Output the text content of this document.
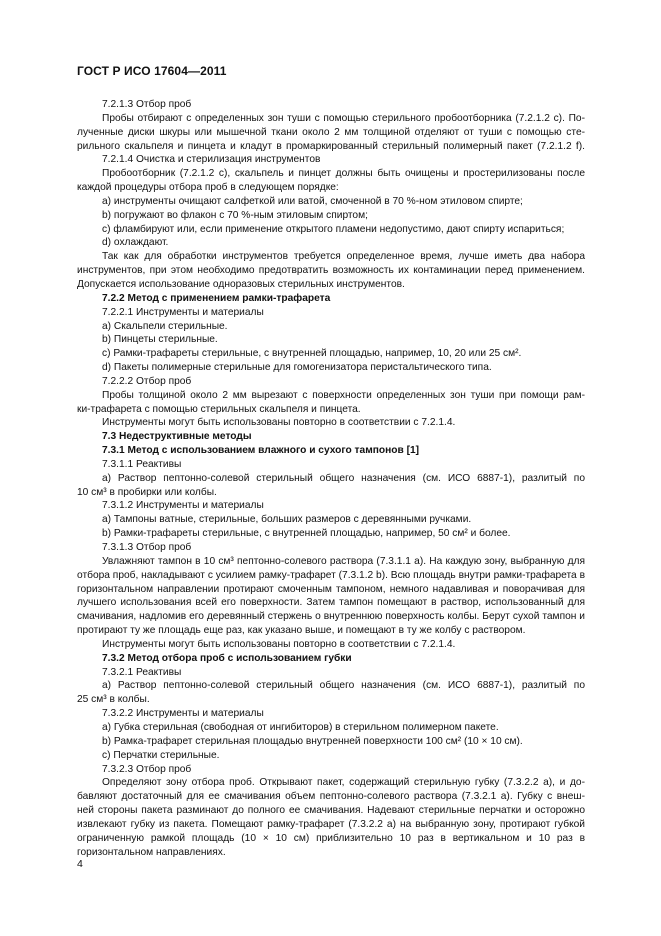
ГОСТ Р ИСО 17604—2011
7.2.1.3 Отбор проб
Пробы отбирают с определенных зон туши с помощью стерильного пробоотборника (7.2.1.2 c). По-
лученные диски шкуры или мышечной ткани около 2 мм толщиной отделяют от туши с помощью сте-
рильного скальпеля и пинцета и кладут в промаркированный стерильный полимерный пакет (7.2.1.2 f).
7.2.1.4 Очистка и стерилизация инструментов
Пробоотборник (7.2.1.2 c), скальпель и пинцет должны быть очищены и простерилизованы после
каждой процедуры отбора проб в следующем порядке:
a) инструменты очищают салфеткой или ватой, смоченной в 70 %-ном этиловом спирте;
b) погружают во флакон с 70 %-ным этиловым спиртом;
c) фламбируют или, если применение открытого пламени недопустимо, дают спирту испариться;
d) охлаждают.
Так как для обработки инструментов требуется определенное время, лучше иметь два набора
инструментов, при этом необходимо предотвратить возможность их контаминации перед применением.
Допускается использование одноразовых стерильных инструментов.
7.2.2 Метод с применением рамки-трафарета
7.2.2.1 Инструменты и материалы
a) Скальпели стерильные.
b) Пинцеты стерильные.
c) Рамки-трафареты стерильные, с внутренней площадью, например, 10, 20 или 25 см².
d) Пакеты полимерные стерильные для гомогенизатора перистальтического типа.
7.2.2.2 Отбор проб
Пробы толщиной около 2 мм вырезают с поверхности определенных зон туши при помощи рам-
ки-трафарета с помощью стерильных скальпеля и пинцета.
Инструменты могут быть использованы повторно в соответствии с 7.2.1.4.
7.3 Недеструктивные методы
7.3.1 Метод с использованием влажного и сухого тампонов [1]
7.3.1.1 Реактивы
a) Раствор пептонно-солевой стерильный общего назначения (см. ИСО 6887-1), разлитый по
10 см³ в пробирки или колбы.
7.3.1.2 Инструменты и материалы
a) Тампоны ватные, стерильные, больших размеров с деревянными ручками.
b) Рамки-трафареты стерильные, с внутренней площадью, например, 50 см² и более.
7.3.1.3 Отбор проб
Увлажняют тампон в 10 см³ пептонно-солевого раствора (7.3.1.1 a). На каждую зону, выбранную для
отбора проб, накладывают с усилием рамку-трафарет (7.3.1.2 b). Всю площадь внутри рамки-трафарета в
горизонтальном направлении протирают смоченным тампоном, немного надавливая и поворачивая для
лучшего использования всей его поверхности. Затем тампон помещают в раствор, использованный для
смачивания, надломив его деревянный стержень о внутреннюю поверхность колбы. Берут сухой тампон и
протирают ту же площадь еще раз, как указано выше, и помещают в ту же колбу с раствором.
Инструменты могут быть использованы повторно в соответствии с 7.2.1.4.
7.3.2 Метод отбора проб с использованием губки
7.3.2.1 Реактивы
a) Раствор пептонно-солевой стерильный общего назначения (см. ИСО 6887-1), разлитый по
25 см³ в колбы.
7.3.2.2 Инструменты и материалы
a) Губка стерильная (свободная от ингибиторов) в стерильном полимерном пакете.
b) Рамка-трафарет стерильная площадью внутренней поверхности 100 см² (10 × 10 см).
c) Перчатки стерильные.
7.3.2.3 Отбор проб
Определяют зону отбора проб. Открывают пакет, содержащий стерильную губку (7.3.2.2 a), и до-
бавляют достаточный для ее смачивания объем пептонно-солевого раствора (7.3.2.1 a). Губку с внеш-
ней стороны пакета разминают до полного ее смачивания. Надевают стерильные перчатки и осторожно
извлекают губку из пакета. Помещают рамку-трафарет (7.3.2.2 a) на выбранную зону, протирают губкой
ограниченную рамкой площадь (10 × 10 см) приблизительно 10 раз в вертикальном и 10 раз в
горизонтальном направлениях.
4
